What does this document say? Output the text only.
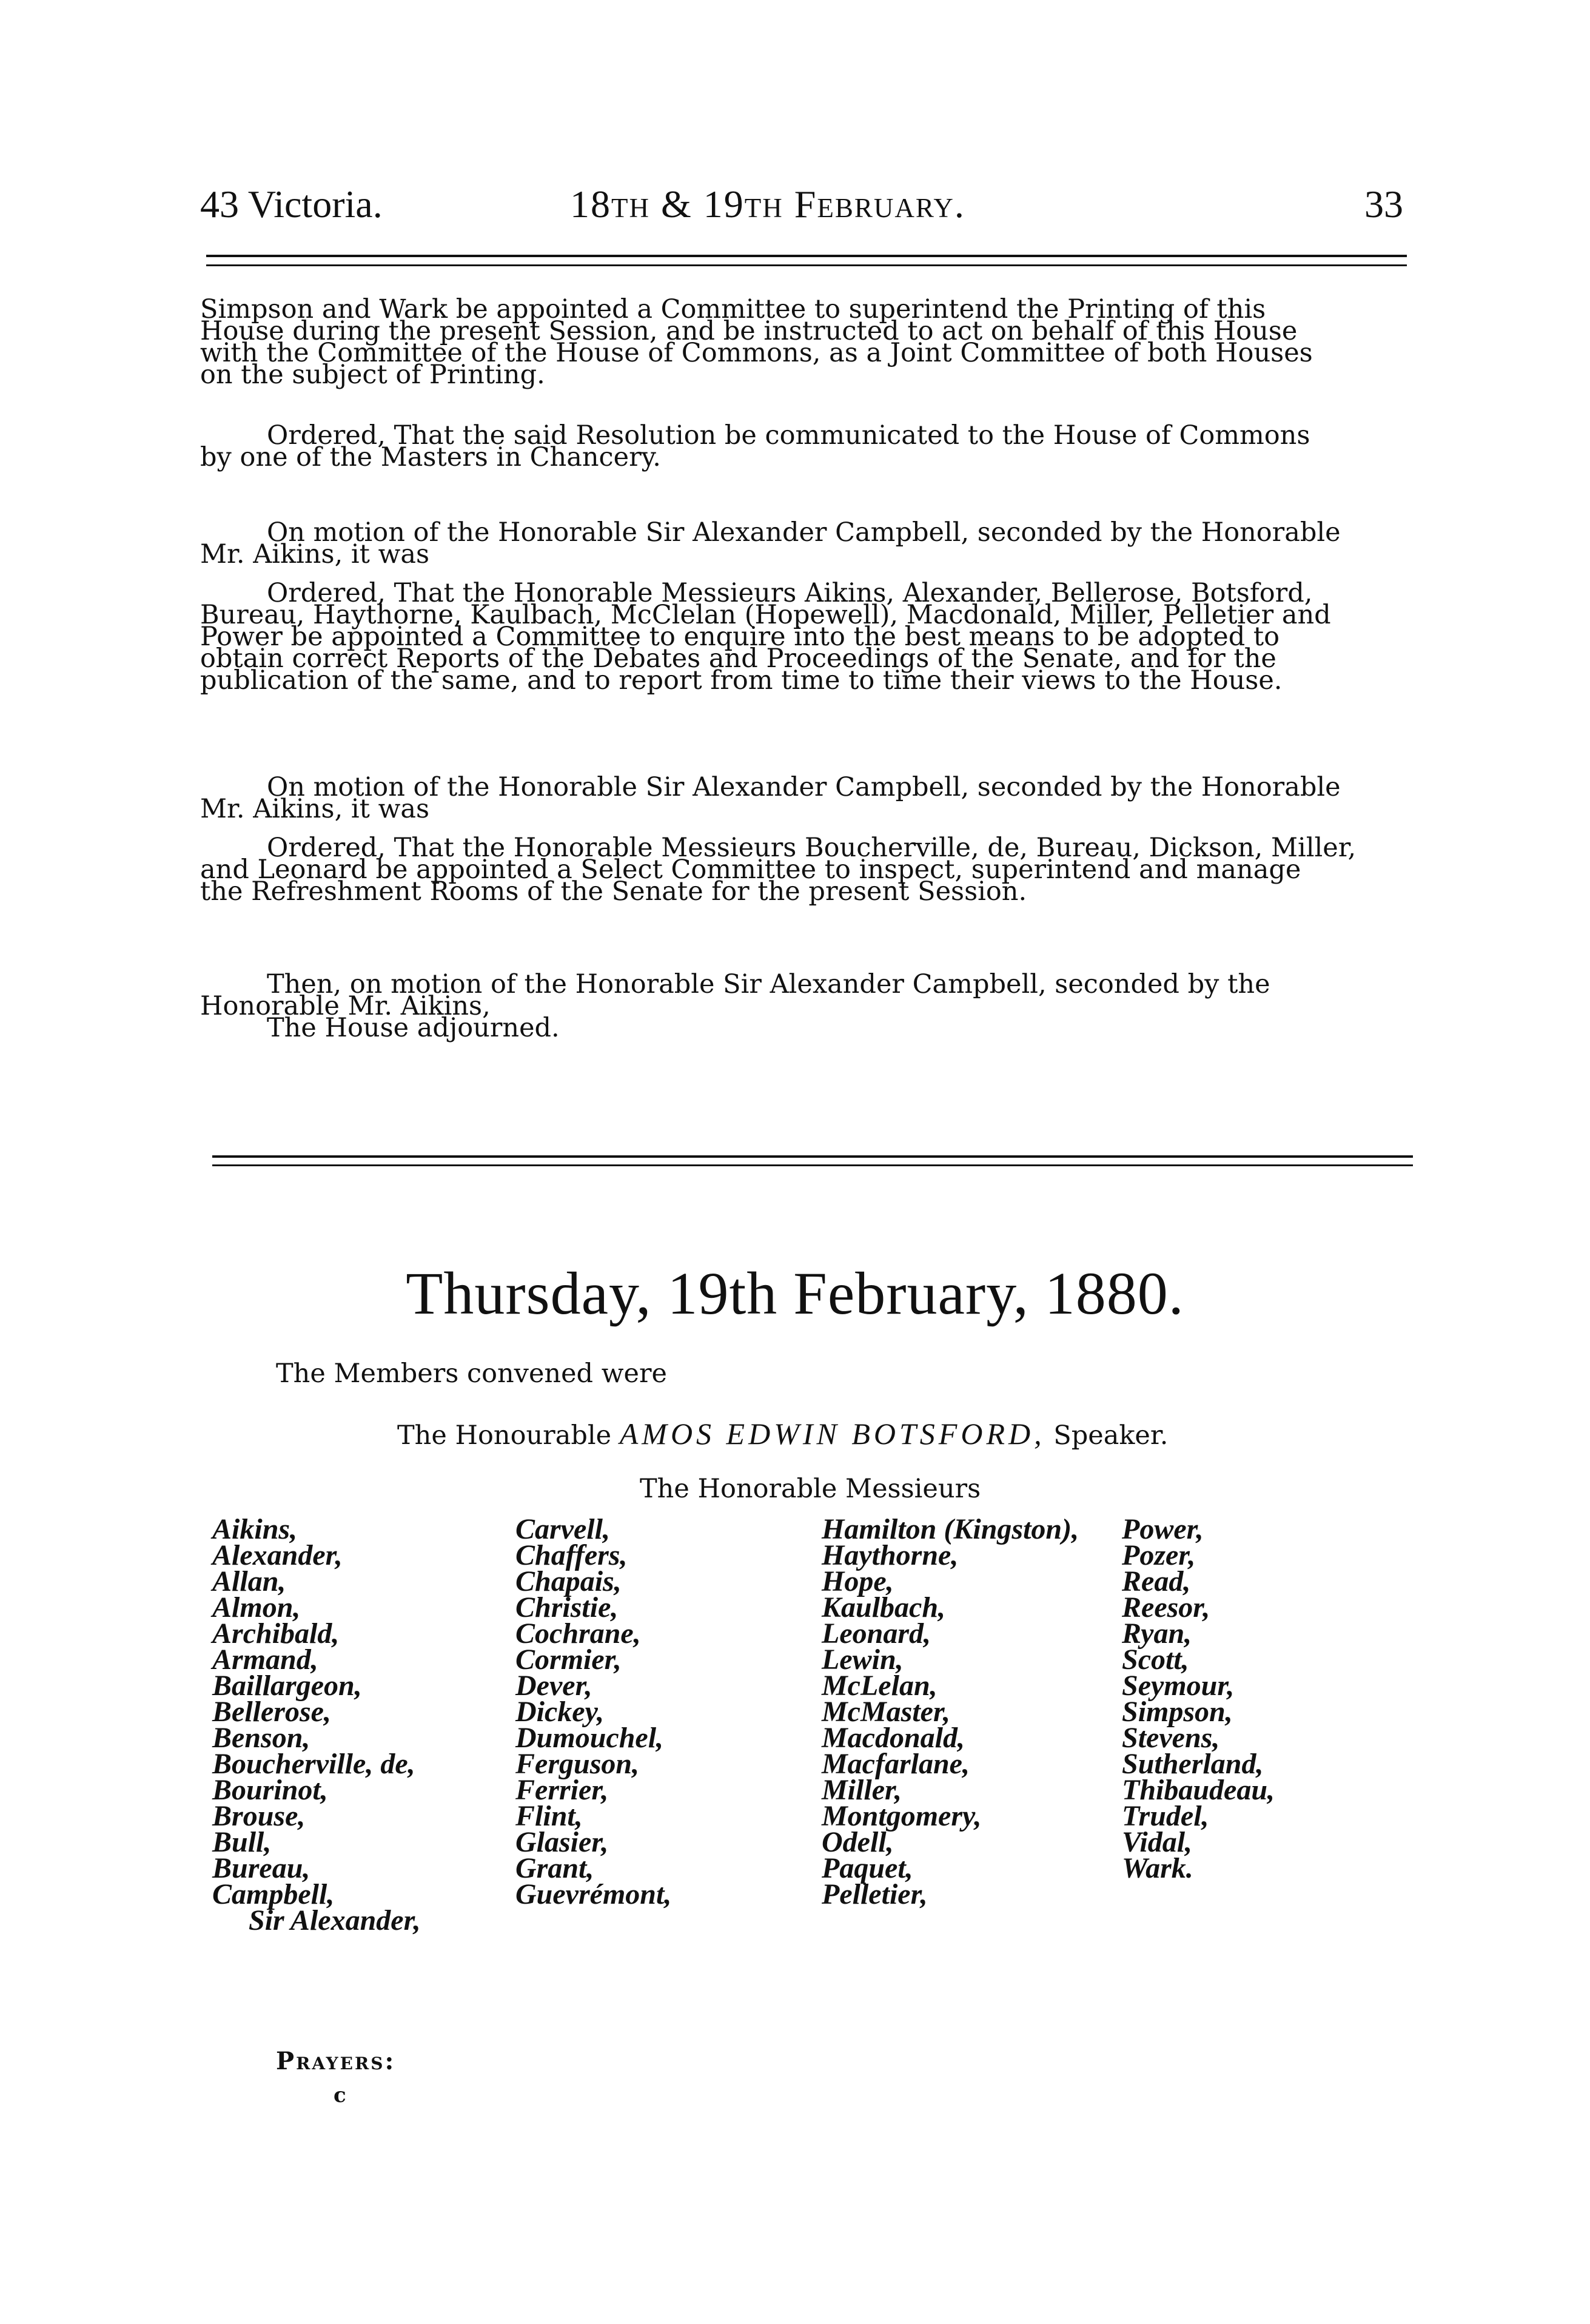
43 Victoria.	18th & 19th February.	33
Simpson and Wark be appointed a Committee to superintend the Printing of this
House during the present Session, and be instructed to act on behalf of this House
with the Committee of the House of Commons, as a Joint Committee of both Houses
on the subject of Printing.
Ordered, That the said Resolution be communicated to the House of Commons
by one of the Masters in Chancery.
On motion of the Honorable Sir Alexander Campbell, seconded by the Honorable
Mr. Aikins, it was
Ordered, That the Honorable Messieurs Aikins, Alexander, Bellerose, Botsford,
Bureau, Haythorne, Kaulbach, McClelan (Hopewell), Macdonald, Miller, Pelletier and
Power be appointed a Committee to enquire into the best means to be adopted to
obtain correct Reports of the Debates and Proceedings of the Senate, and for the
publication of the same, and to report from time to time their views to the House.
On motion of the Honorable Sir Alexander Campbell, seconded by the Honorable
Mr. Aikins, it was
Ordered, That the Honorable Messieurs Boucherville, de, Bureau, Dickson, Miller,
and Leonard be appointed a Select Committee to inspect, superintend and manage
the Refreshment Rooms of the Senate for the present Session.
Then, on motion of the Honorable Sir Alexander Campbell, seconded by the
Honorable Mr. Aikins,
The House adjourned.
Thursday, 19th February, 1880.
The Members convened were
The Honourable AMOS EDWIN BOTSFORD, Speaker.
The Honorable Messieurs
Aikins,
Alexander,
Allan,
Almon,
Archibald,
Armand,
Baillargeon,
Bellerose,
Benson,
Boucherville, de,
Bourinot,
Brouse,
Bull,
Bureau,
Campbell,
Sir Alexander,
Carvell,
Chaffers,
Chapais,
Christie,
Cochrane,
Cormier,
Dever,
Dickey,
Dumouchel,
Ferguson,
Ferrier,
Flint,
Glasier,
Grant,
Guevrémont,
Hamilton (Kingston),
Haythorne,
Hope,
Kaulbach,
Leonard,
Lewin,
McLelan,
McMaster,
Macdonald,
Macfarlane,
Miller,
Montgomery,
Odell,
Paquet,
Pelletier,
Power,
Pozer,
Read,
Reesor,
Ryan,
Scott,
Seymour,
Simpson,
Stevens,
Sutherland,
Thibaudeau,
Trudel,
Vidal,
Wark.
Prayers:
c
